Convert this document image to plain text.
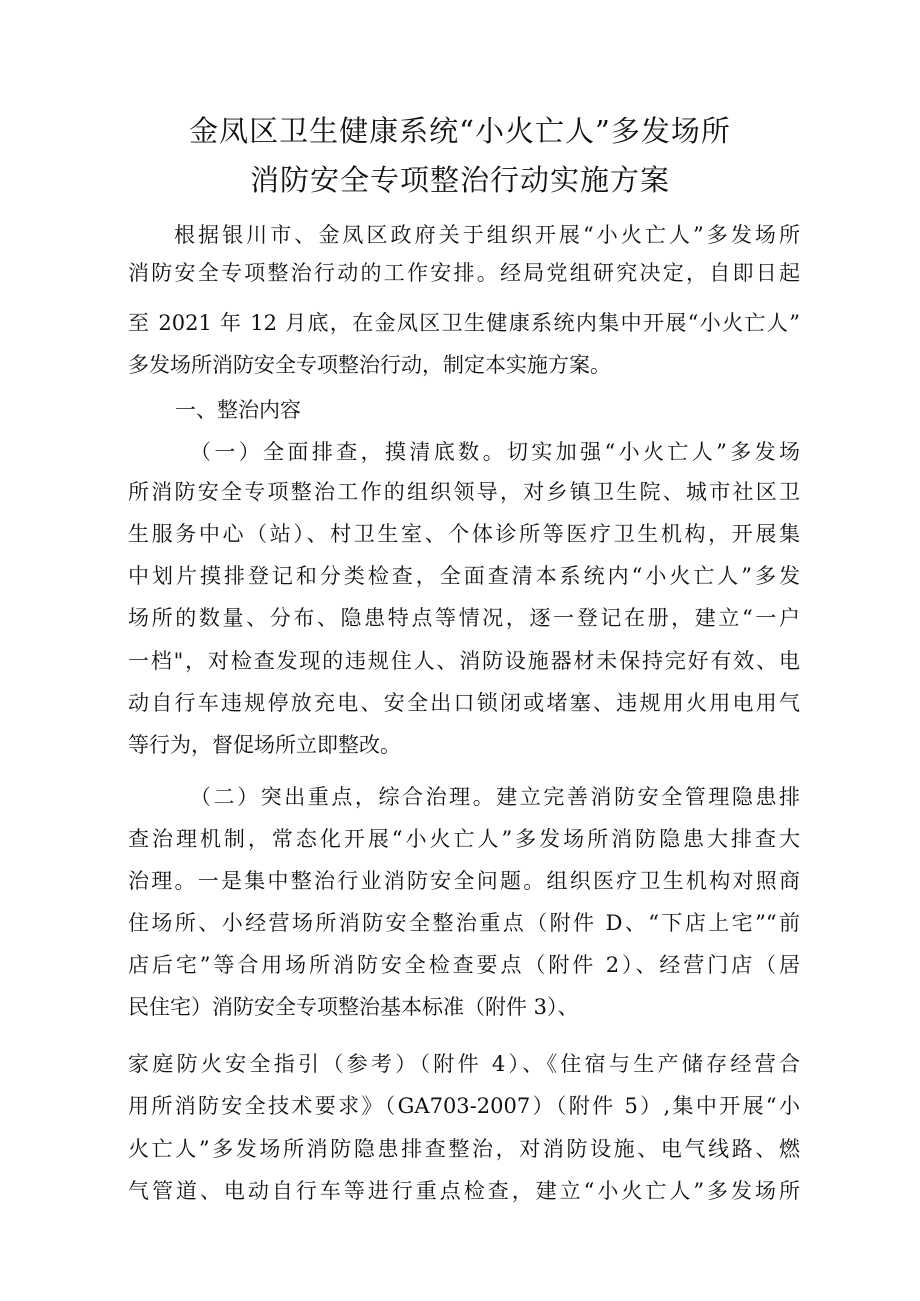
金凤区卫生健康系统“小火亡人”多发场所
消防安全专项整治行动实施方案
根据银川市、金凤区政府关于组织开展“小火亡人”多发场所
消防安全专项整治行动的工作安排。经局党组研究决定，自即日起
至 2021 年 12 月底，在金凤区卫生健康系统内集中开展“小火亡人”
多发场所消防安全专项整治行动，制定本实施方案。
一、整治内容
（一）全面排查，摸清底数。切实加强“小火亡人”多发场
所消防安全专项整治工作的组织领导，对乡镇卫生院、城市社区卫
生服务中心（站）、村卫生室、个体诊所等医疗卫生机构，开展集
中划片摸排登记和分类检查，全面查清本系统内“小火亡人”多发
场所的数量、分布、隐患特点等情况，逐一登记在册，建立“一户
一档"，对检查发现的违规住人、消防设施器材未保持完好有效、电
动自行车违规停放充电、安全出口锁闭或堵塞、违规用火用电用气
等行为，督促场所立即整改。
（二）突出重点，综合治理。建立完善消防安全管理隐患排
查治理机制，常态化开展“小火亡人”多发场所消防隐患大排查大
治理。一是集中整治行业消防安全问题。组织医疗卫生机构对照商
住场所、小经营场所消防安全整治重点（附件 D、“下店上宅”“前
店后宅”等合用场所消防安全检查要点（附件 2）、经营门店（居
民住宅）消防安全专项整治基本标准（附件 3）、
家庭防火安全指引（参考）（附件 4）、《住宿与生产储存经营合
用所消防安全技术要求》（GA703-2007）（附件 5）,集中开展“小
火亡人”多发场所消防隐患排查整治，对消防设施、电气线路、燃
气管道、电动自行车等进行重点检查，建立“小火亡人”多发场所
